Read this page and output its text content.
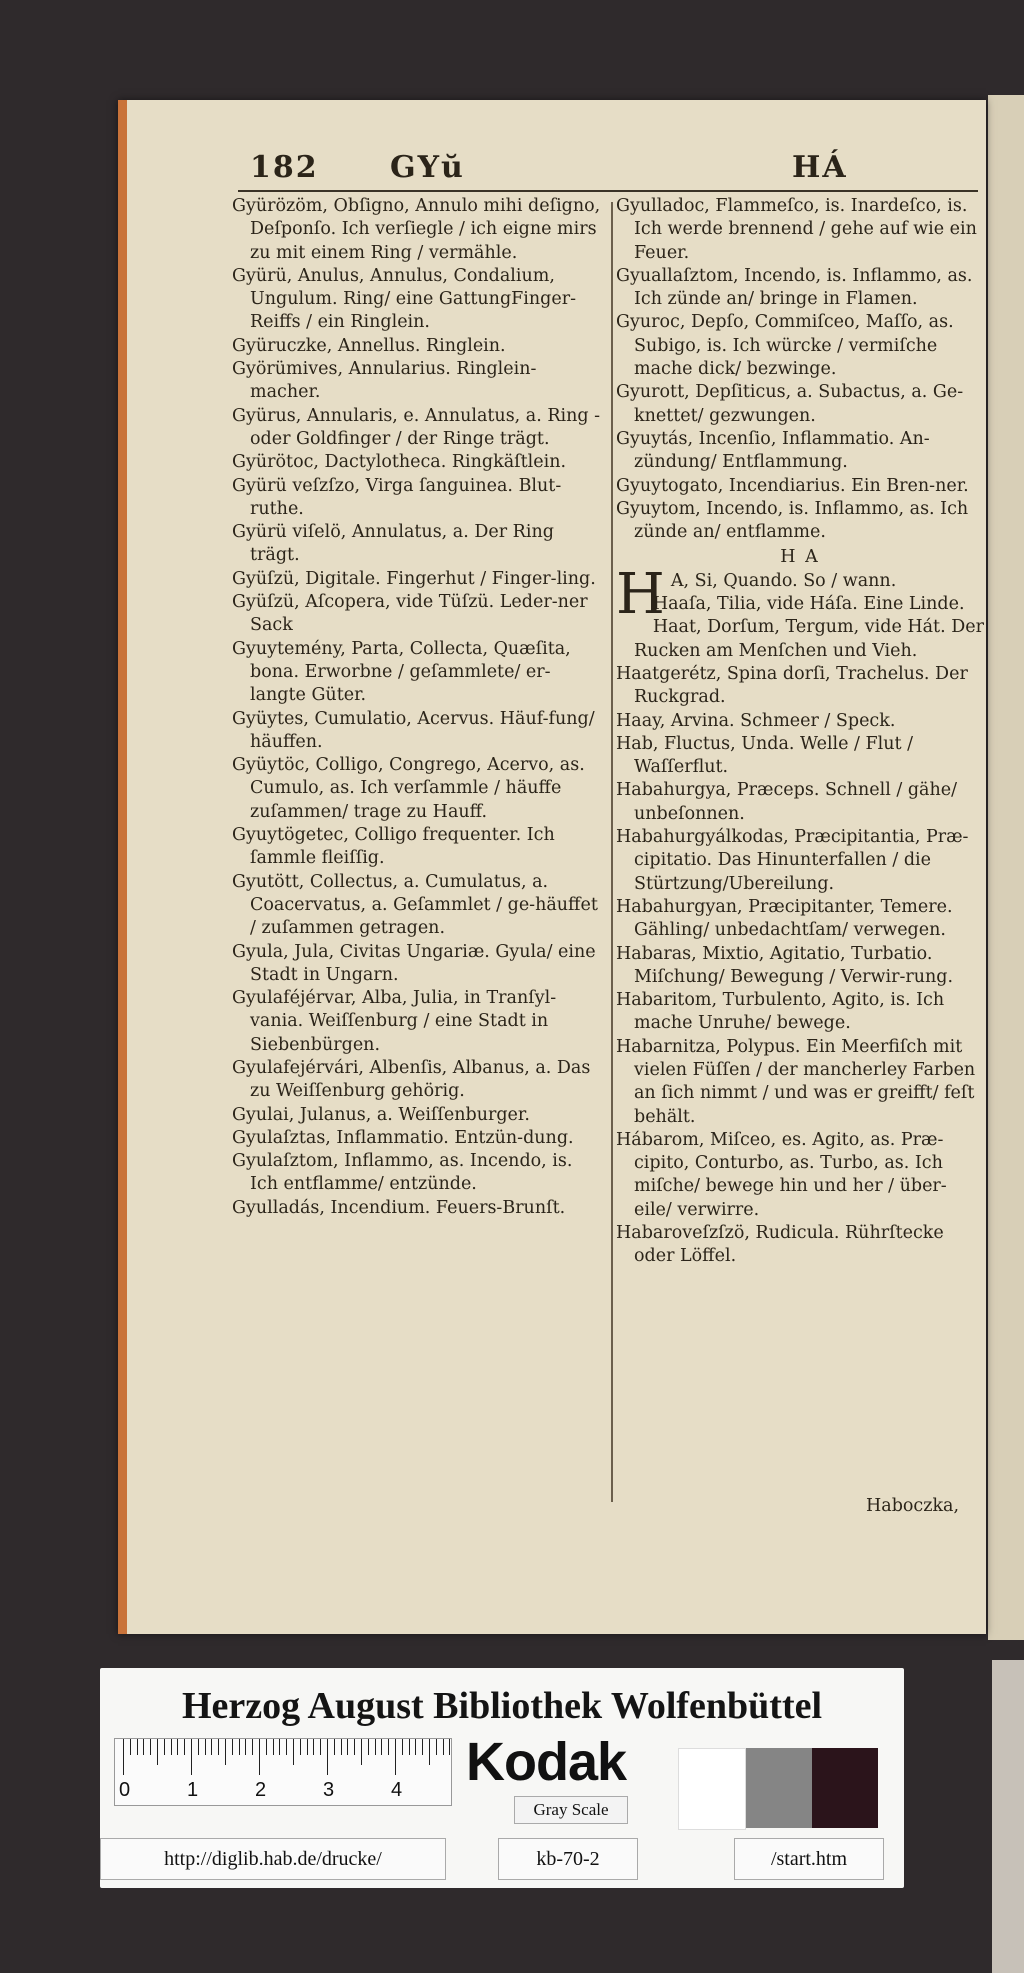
182 GYŭ	HÁ
Gyürözöm, Obſigno, Annulo mihi deſigno, Deſponſo. Ich verſiegle / ich eigne mirs zu mit einem Ring / vermähle.
Gyürü, Anulus, Annulus, Condalium, Ungulum. Ring/ eine GattungFinger-Reiffs / ein Ringlein.
Gyüruczke, Annellus. Ringlein.
Györümives, Annularius. Ringlein-macher.
Gyürus, Annularis, e. Annulatus, a. Ring - oder Goldfinger / der Ringe trägt.
Gyürötoc, Dactylotheca. Ringkäſtlein.
Gyürü veſzſzo, Virga ſanguinea. Blut-ruthe.
Gyürü viſelö, Annulatus, a. Der Ring trägt.
Gyüſzü, Digitale. Fingerhut / Finger-ling.
Gyüſzü, Aſcopera, vide Tüſzü. Leder-ner Sack
Gyuytemény, Parta, Collecta, Quæſita, bona. Erworbne / geſammlete/ er-langte Güter.
Gyüytes, Cumulatio, Acervus. Häuf-fung/ häuffen.
Gyüytöc, Colligo, Congrego, Acervo, as. Cumulo, as. Ich verſammle / häuffe zuſammen/ trage zu Hauff.
Gyuytögetec, Colligo frequenter. Ich ſammle fleiſſig.
Gyutött, Collectus, a. Cumulatus, a. Coacervatus, a. Geſammlet / ge-häuffet / zuſammen getragen.
Gyula, Jula, Civitas Ungariæ. Gyula/ eine Stadt in Ungarn.
Gyulaféjérvar, Alba, Julia, in Tranſyl-vania. Weiſſenburg / eine Stadt in Siebenbürgen.
Gyulafejérvári, Albenſis, Albanus, a. Das zu Weiſſenburg gehörig.
Gyulai, Julanus, a. Weiſſenburger.
Gyulaſztas, Inflammatio. Entzün-dung.
Gyulaſztom, Inflammo, as. Incendo, is. Ich entflamme/ entzünde.
Gyulladás, Incendium. Feuers-Brunſt.
Gyulladoc, Flammeſco, is. Inardeſco, is. Ich werde brennend / gehe auf wie ein Feuer.
Gyuallaſztom, Incendo, is. Inflammo, as. Ich zünde an/ bringe in Flamen.
Gyuroc, Depſo, Commiſceo, Maſſo, as. Subigo, is. Ich würcke / vermiſche mache dick/ bezwinge.
Gyurott, Depſiticus, a. Subactus, a. Ge-knettet/ gezwungen.
Gyuytás, Incenſio, Inflammatio. An-zündung/ Entflammung.
Gyuytogato, Incendiarius. Ein Bren-ner.
Gyuytom, Incendo, is. Inflammo, as. Ich zünde an/ entflamme.
H A
H A, Si, Quando. So / wann.
Haaſa, Tilia, vide Háſa. Eine Linde.
Haat, Dorſum, Tergum, vide Hát. Der Rucken am Menſchen und Vieh.
Haatgerétz, Spina dorſi, Trachelus. Der Ruckgrad.
Haay, Arvina. Schmeer / Speck.
Hab, Fluctus, Unda. Welle / Flut / Waſſerflut.
Habahurgya, Præceps. Schnell / gähe/ unbeſonnen.
Habahurgyálkodas, Præcipitantia, Præ-cipitatio. Das Hinunterfallen / die Stürtzung/Ubereilung.
Habahurgyan, Præcipitanter, Temere. Gähling/ unbedachtſam/ verwegen.
Habaras, Mixtio, Agitatio, Turbatio. Miſchung/ Bewegung / Verwir-rung.
Habaritom, Turbulento, Agito, is. Ich mache Unruhe/ bewege.
Habarnitza, Polypus. Ein Meerfiſch mit vielen Füſſen / der mancherley Farben an ſich nimmt / und was er greifft/ feſt behält.
Hábarom, Miſceo, es. Agito, as. Præ-cipito, Conturbo, as. Turbo, as. Ich miſche/ bewege hin und her / über-eile/ verwirre.
Habaroveſzſzö, Rudicula. Rührſtecke oder Löffel.
Haboczka,
Herzog August Bibliothek Wolfenbüttel
0	1	2	3	4 Kodak
Gray Scale
http://diglib.hab.de/drucke/	kb-70-2	/start.htm
